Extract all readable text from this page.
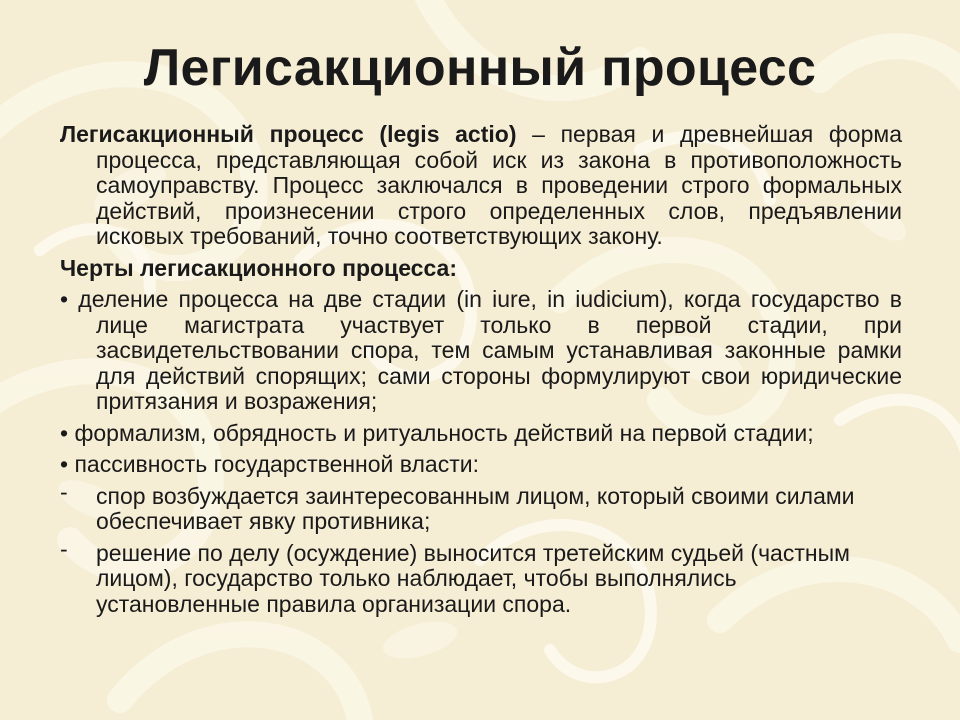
Легисакционный процесс

Легисакционный процесс (legis actio) – первая и древнейшая форма процесса, представляющая собой иск из закона в противоположность самоуправству. Процесс заключался в проведении строго формальных действий, произнесении строго определенных слов, предъявлении исковых требований, точно соответствующих закону.

Черты легисакционного процесса:

• деление процесса на две стадии (in iure, in iudicium), когда государство в лице магистрата участвует только в первой стадии, при засвидетельствовании спора, тем самым устанавливая законные рамки для действий спорящих; сами стороны формулируют свои юридические притязания и возражения;

• формализм, обрядность и ритуальность действий на первой стадии;

• пассивность государственной власти:

- спор возбуждается заинтересованным лицом, который своими силами обеспечивает явку противника;
- решение по делу (осуждение) выносится третейским судьей (частным лицом), государство только наблюдает, чтобы выполнялись установленные правила организации спора.
